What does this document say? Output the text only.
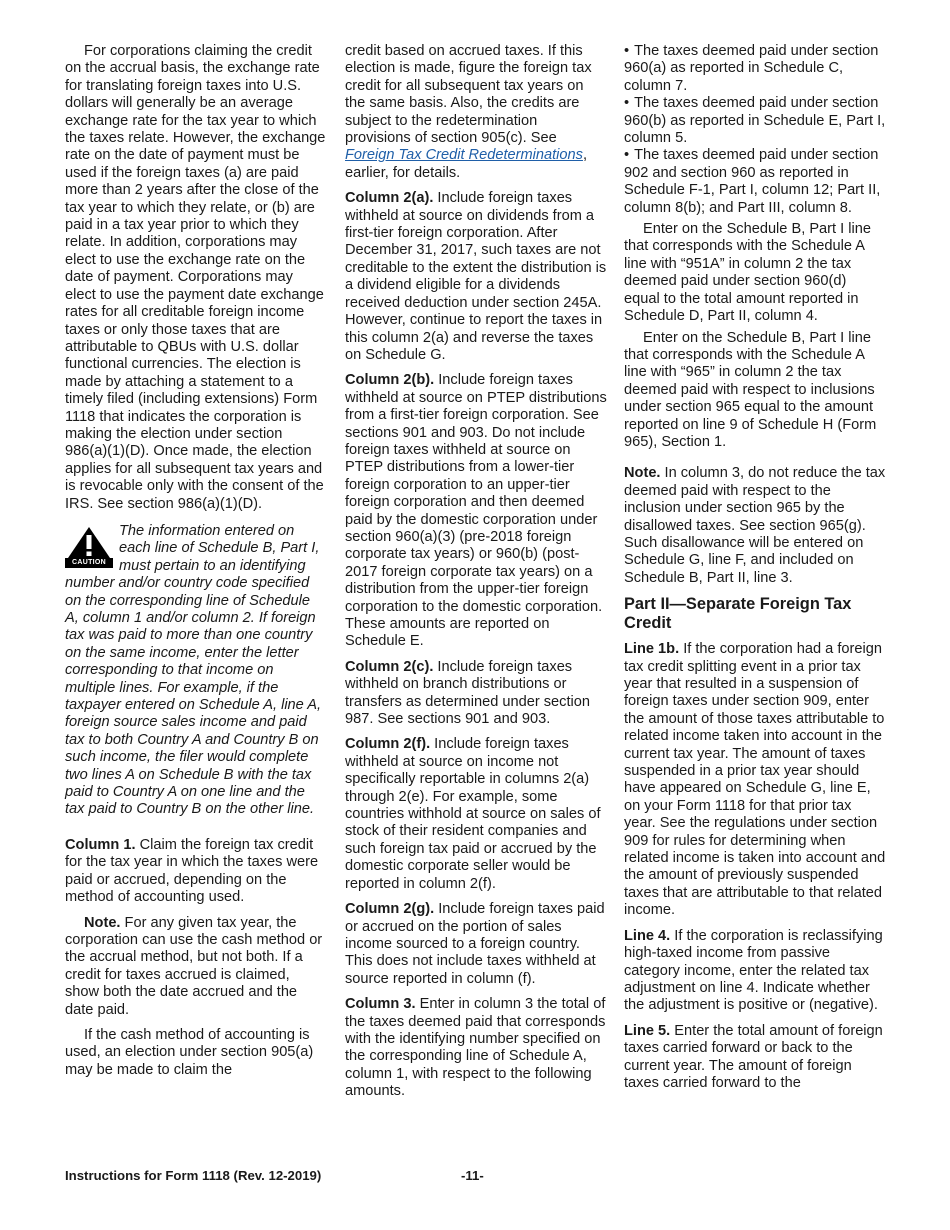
For corporations claiming the credit on the accrual basis, the exchange rate for translating foreign taxes into U.S. dollars will generally be an average exchange rate for the tax year to which the taxes relate. However, the exchange rate on the date of payment must be used if the foreign taxes (a) are paid more than 2 years after the close of the tax year to which they relate, or (b) are paid in a tax year prior to which they relate. In addition, corporations may elect to use the exchange rate on the date of payment. Corporations may elect to use the payment date exchange rates for all creditable foreign income taxes or only those taxes that are attributable to QBUs with U.S. dollar functional currencies. The election is made by attaching a statement to a timely filed (including extensions) Form 1118 that indicates the corporation is making the election under section 986(a)(1)(D). Once made, the election applies for all subsequent tax years and is revocable only with the consent of the IRS. See section 986(a)(1)(D).

CAUTION
The information entered on each line of Schedule B, Part I, must pertain to an identifying number and/or country code specified on the corresponding line of Schedule A, column 1 and/or column 2. If foreign tax was paid to more than one country on the same income, enter the letter corresponding to that income on multiple lines. For example, if the taxpayer entered on Schedule A, line A, foreign source sales income and paid tax to both Country A and Country B on such income, the filer would complete two lines A on Schedule B with the tax paid to Country A on one line and the tax paid to Country B on the other line.

Column 1. Claim the foreign tax credit for the tax year in which the taxes were paid or accrued, depending on the method of accounting used.

Note. For any given tax year, the corporation can use the cash method or the accrual method, but not both. If a credit for taxes accrued is claimed, show both the date accrued and the date paid.

If the cash method of accounting is used, an election under section 905(a) may be made to claim the

credit based on accrued taxes. If this election is made, figure the foreign tax credit for all subsequent tax years on the same basis. Also, the credits are subject to the redetermination provisions of section 905(c). See Foreign Tax Credit Redeterminations, earlier, for details.

Column 2(a). Include foreign taxes withheld at source on dividends from a first-tier foreign corporation. After December 31, 2017, such taxes are not creditable to the extent the distribution is a dividend eligible for a dividends received deduction under section 245A. However, continue to report the taxes in this column 2(a) and reverse the taxes on Schedule G.

Column 2(b). Include foreign taxes withheld at source on PTEP distributions from a first-tier foreign corporation. See sections 901 and 903. Do not include foreign taxes withheld at source on PTEP distributions from a lower-tier foreign corporation to an upper-tier foreign corporation and then deemed paid by the domestic corporation under section 960(a)(3) (pre-2018 foreign corporate tax years) or 960(b) (post-2017 foreign corporate tax years) on a distribution from the upper-tier foreign corporation to the domestic corporation. These amounts are reported on Schedule E.

Column 2(c). Include foreign taxes withheld on branch distributions or transfers as determined under section 987. See sections 901 and 903.

Column 2(f). Include foreign taxes withheld at source on income not specifically reportable in columns 2(a) through 2(e). For example, some countries withhold at source on sales of stock of their resident companies and such foreign tax paid or accrued by the domestic corporate seller would be reported in column 2(f).

Column 2(g). Include foreign taxes paid or accrued on the portion of sales income sourced to a foreign country. This does not include taxes withheld at source reported in column (f).

Column 3. Enter in column 3 the total of the taxes deemed paid that corresponds with the identifying number specified on the corresponding line of Schedule A, column 1, with respect to the following amounts.

• The taxes deemed paid under section 960(a) as reported in Schedule C, column 7.
• The taxes deemed paid under section 960(b) as reported in Schedule E, Part I, column 5.
• The taxes deemed paid under section 902 and section 960 as reported in Schedule F-1, Part I, column 12; Part II, column 8(b); and Part III, column 8.

Enter on the Schedule B, Part I line that corresponds with the Schedule A line with “951A” in column 2 the tax deemed paid under section 960(d) equal to the total amount reported in Schedule D, Part II, column 4.

Enter on the Schedule B, Part I line that corresponds with the Schedule A line with “965” in column 2 the tax deemed paid with respect to inclusions under section 965 equal to the amount reported on line 9 of Schedule H (Form 965), Section 1.

Note. In column 3, do not reduce the tax deemed paid with respect to the inclusion under section 965 by the disallowed taxes. See section 965(g). Such disallowance will be entered on Schedule G, line F, and included on Schedule B, Part II, line 3.

Part II—Separate Foreign Tax Credit

Line 1b. If the corporation had a foreign tax credit splitting event in a prior tax year that resulted in a suspension of foreign taxes under section 909, enter the amount of those taxes attributable to related income taken into account in the current tax year. The amount of taxes suspended in a prior tax year should have appeared on Schedule G, line E, on your Form 1118 for that prior tax year. See the regulations under section 909 for rules for determining when related income is taken into account and the amount of previously suspended taxes that are attributable to that related income.

Line 4. If the corporation is reclassifying high-taxed income from passive category income, enter the related tax adjustment on line 4. Indicate whether the adjustment is positive or (negative).

Line 5. Enter the total amount of foreign taxes carried forward or back to the current year. The amount of foreign taxes carried forward to the

Instructions for Form 1118 (Rev. 12-2019)	-11-
